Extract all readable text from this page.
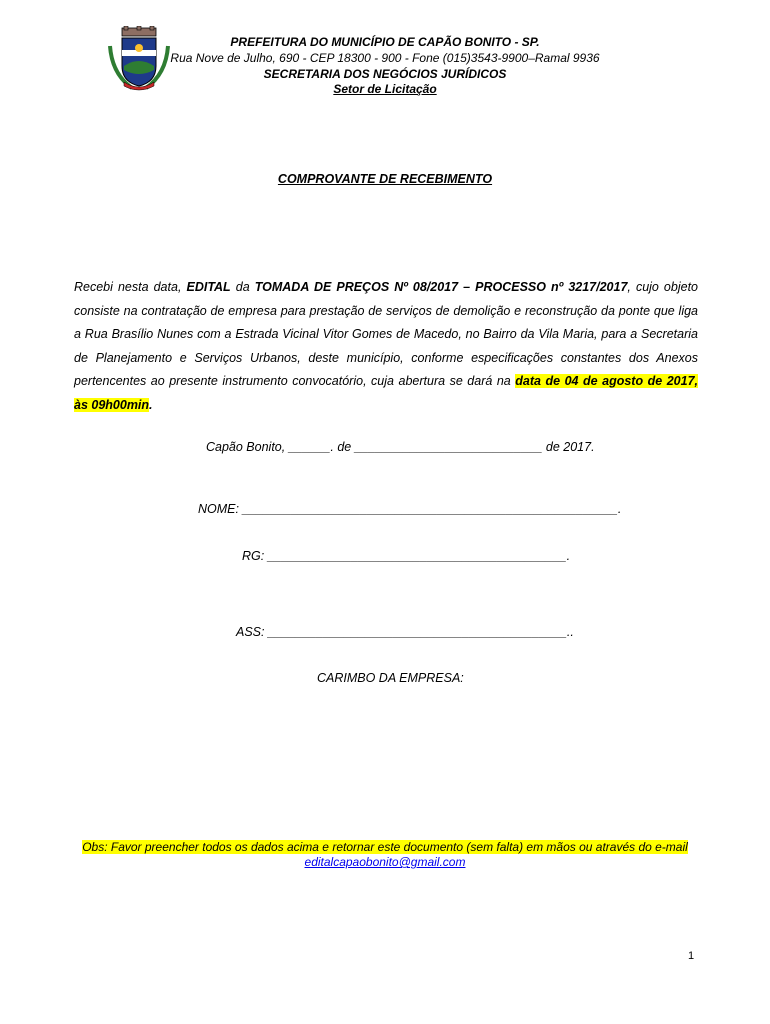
PREFEITURA DO MUNICÍPIO DE CAPÃO BONITO - SP.
Rua Nove de Julho, 690 - CEP 18300 - 900 - Fone (015)3543-9900–Ramal 9936
SECRETARIA DOS NEGÓCIOS JURÍDICOS
Setor de Licitação
COMPROVANTE DE RECEBIMENTO
Recebi nesta data, EDITAL da TOMADA DE PREÇOS Nº 08/2017 – PROCESSO nº 3217/2017, cujo objeto consiste na contratação de empresa para prestação de serviços de demolição e reconstrução da ponte que liga a Rua Brasílio Nunes com a Estrada Vicinal Vitor Gomes de Macedo, no Bairro da Vila Maria, para a Secretaria de Planejamento e Serviços Urbanos, deste município, conforme especificações constantes dos Anexos pertencentes ao presente instrumento convocatório, cuja abertura se dará na data de 04 de agosto de 2017, às 09h00min.
Capão Bonito, ______. de ___________________________ de 2017.
NOME: ______________________________________________________.
RG: ___________________________________________.
ASS: ___________________________________________..
CARIMBO DA EMPRESA:
Obs: Favor preencher todos os dados acima e retornar este documento (sem falta) em mãos ou através do e-mail
editalcapaobonito@gmail.com
1
